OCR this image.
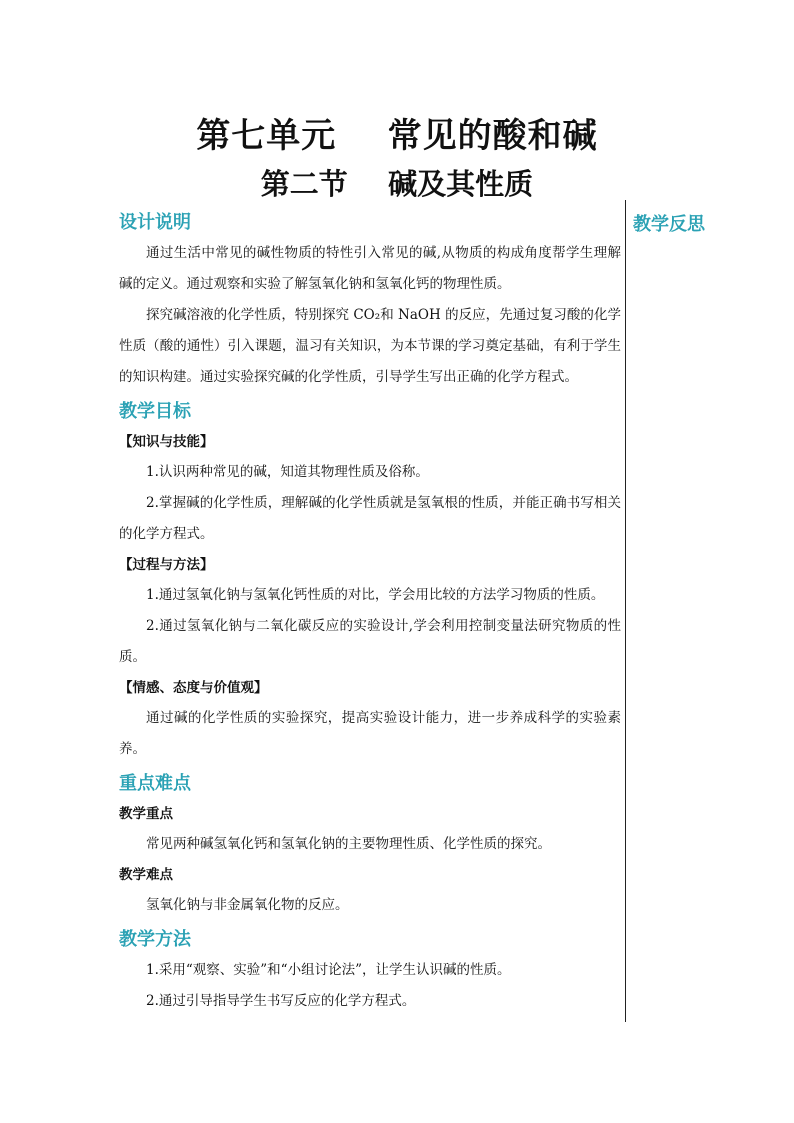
第七单元    常见的酸和碱
第二节    碱及其性质
教学反思
设计说明

通过生活中常见的碱性物质的特性引入常见的碱,从物质的构成角度帮学生理解碱的定义。通过观察和实验了解氢氧化钠和氢氧化钙的物理性质。

探究碱溶液的化学性质，特别探究 CO₂和 NaOH 的反应，先通过复习酸的化学性质（酸的通性）引入课题，温习有关知识，为本节课的学习奠定基础，有利于学生的知识构建。通过实验探究碱的化学性质，引导学生写出正确的化学方程式。

教学目标

【知识与技能】

1.认识两种常见的碱，知道其物理性质及俗称。

2.掌握碱的化学性质，理解碱的化学性质就是氢氧根的性质，并能正确书写相关的化学方程式。

【过程与方法】

1.通过氢氧化钠与氢氧化钙性质的对比，学会用比较的方法学习物质的性质。

2.通过氢氧化钠与二氧化碳反应的实验设计,学会利用控制变量法研究物质的性质。

【情感、态度与价值观】

通过碱的化学性质的实验探究，提高实验设计能力，进一步养成科学的实验素养。

重点难点

教学重点

常见两种碱氢氧化钙和氢氧化钠的主要物理性质、化学性质的探究。

教学难点

氢氧化钠与非金属氧化物的反应。

教学方法

1.采用“观察、实验”和“小组讨论法”，让学生认识碱的性质。

2.通过引导指导学生书写反应的化学方程式。
